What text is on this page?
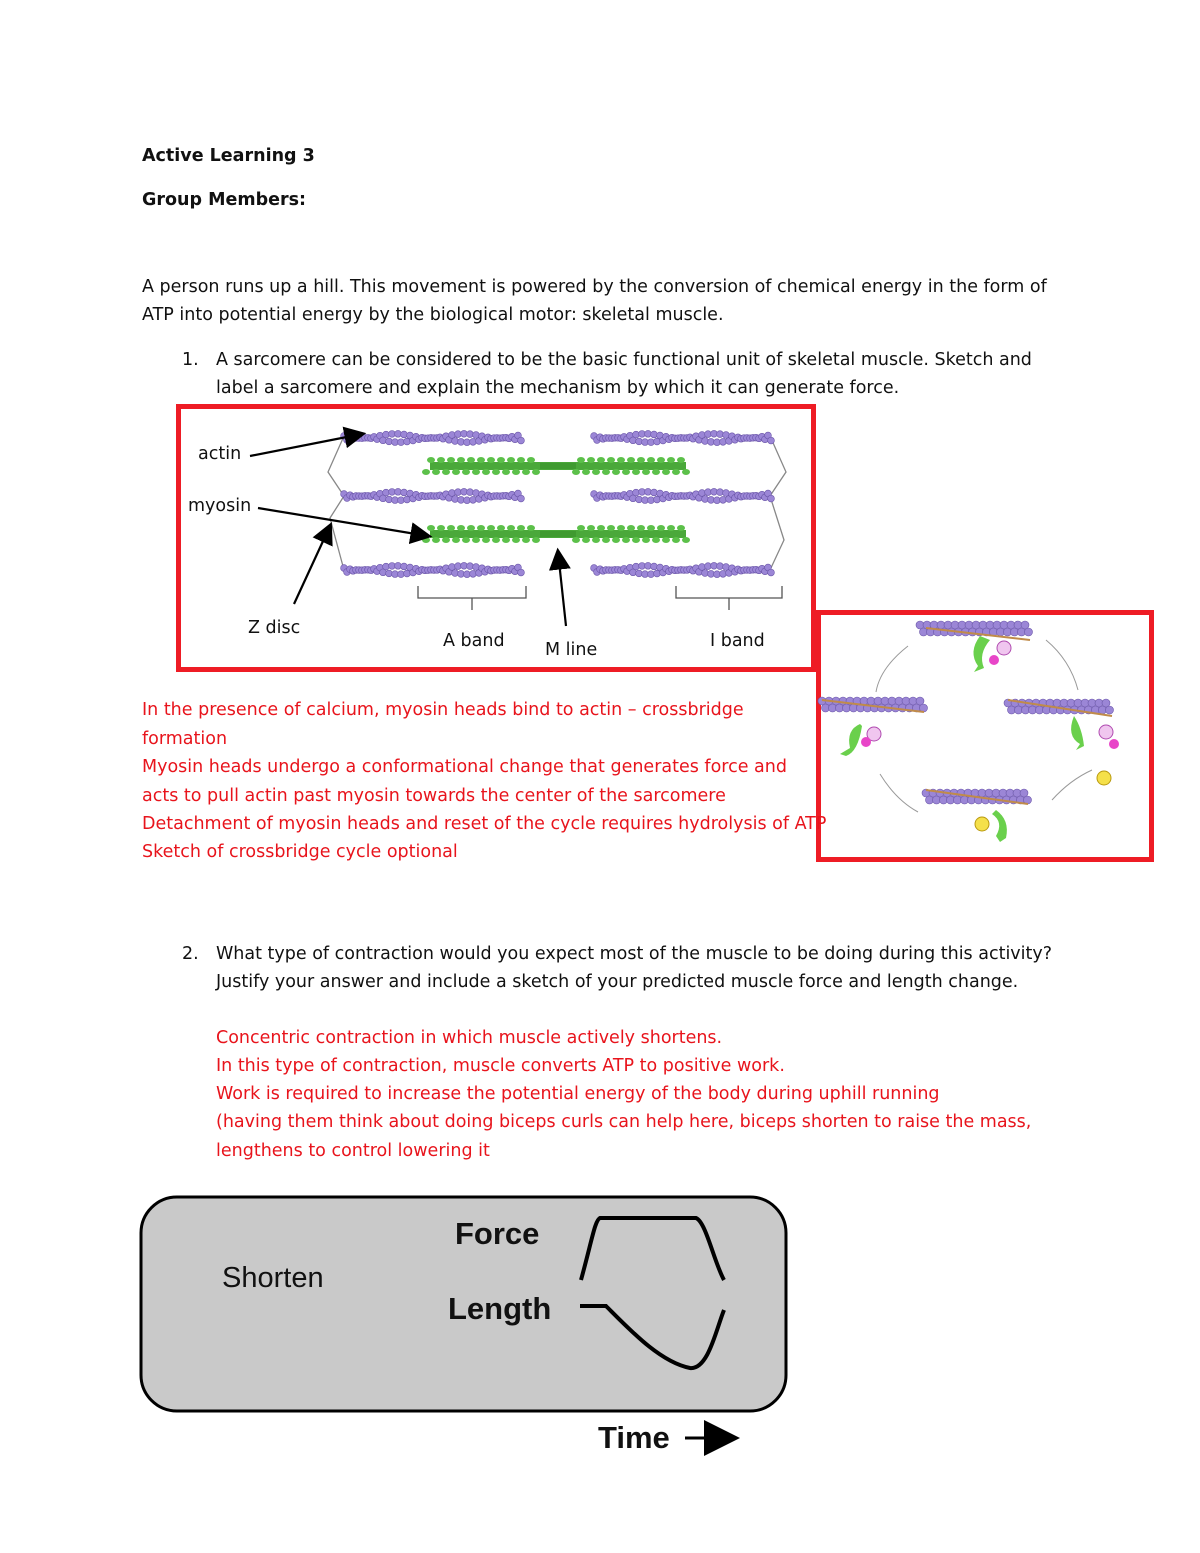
Active Learning 3
Group Members:
A person runs up a hill. This movement is powered by the conversion of chemical energy in the form of
ATP into potential energy by the biological motor: skeletal muscle.
1. A sarcomere can be considered to be the basic functional unit of skeletal muscle. Sketch and
label a sarcomere and explain the mechanism by which it can generate force.
actin
myosin
Z disc
A band M line	I band
In the presence of calcium, myosin heads bind to actin – crossbridge
formation
Myosin heads undergo a conformational change that generates force and
acts to pull actin past myosin towards the center of the sarcomere
Detachment of myosin heads and reset of the cycle requires hydrolysis of ATP
Sketch of crossbridge cycle optional
2. What type of contraction would you expect most of the muscle to be doing during this activity?
Justify your answer and include a sketch of your predicted muscle force and length change.
Concentric contraction in which muscle actively shortens.
In this type of contraction, muscle converts ATP to positive work.
Work is required to increase the potential energy of the body during uphill running
(having them think about doing biceps curls can help here, biceps shorten to raise the mass,
lengthens to control lowering it
Shorten
Force
Length
Time
